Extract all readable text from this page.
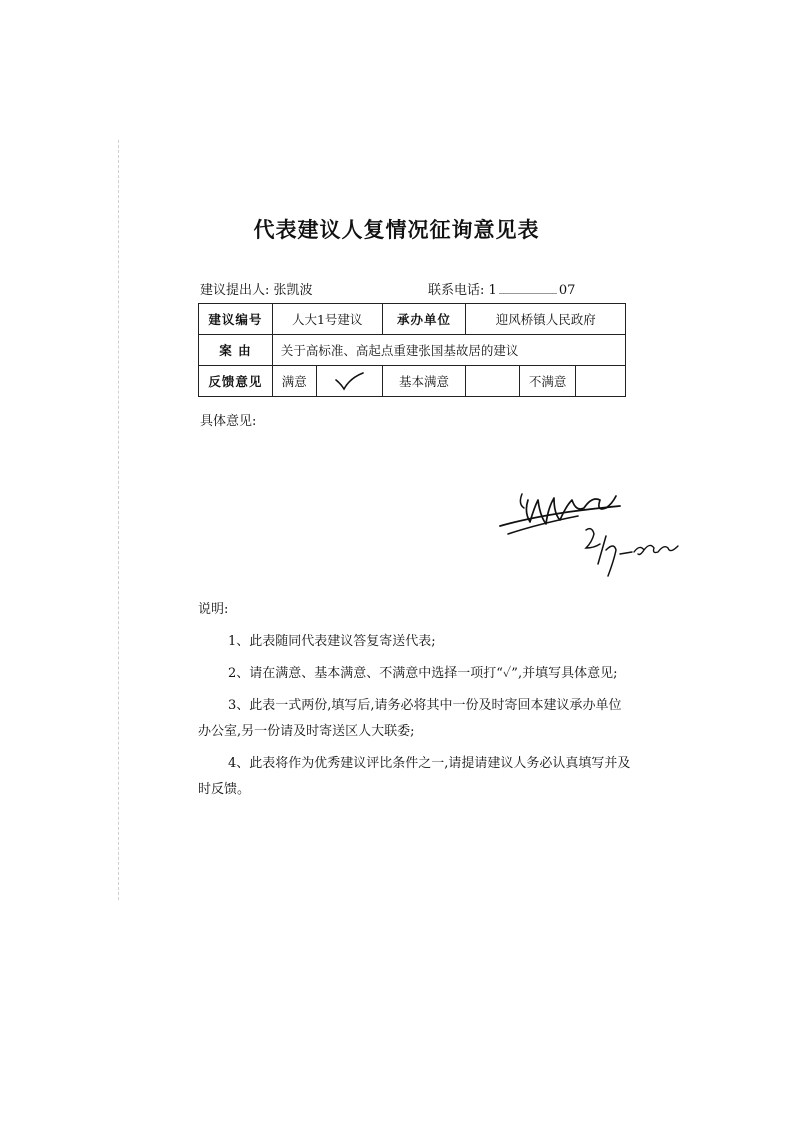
代表建议人复情况征询意见表
建议提出人: 张凯波	联系电话: 1	07
建议编号	人大1号建议		承办单位	迎风桥镇人民政府		
案 由	关于高标准、高起点重建张国基故居的建议					
反馈意见	满意		基本满意		不满意	
具体意见:

说明:

1、此表随同代表建议答复寄送代表;

2、请在满意、基本满意、不满意中选择一项打“✓”,并填写具体意见;

3、此表一式两份,填写后,请务必将其中一份及时寄回本建议承办单位办公室,另一份请及时寄送区人大联委;

4、此表将作为优秀建议评比条件之一,请提请建议人务必认真填写并及时反馈。
